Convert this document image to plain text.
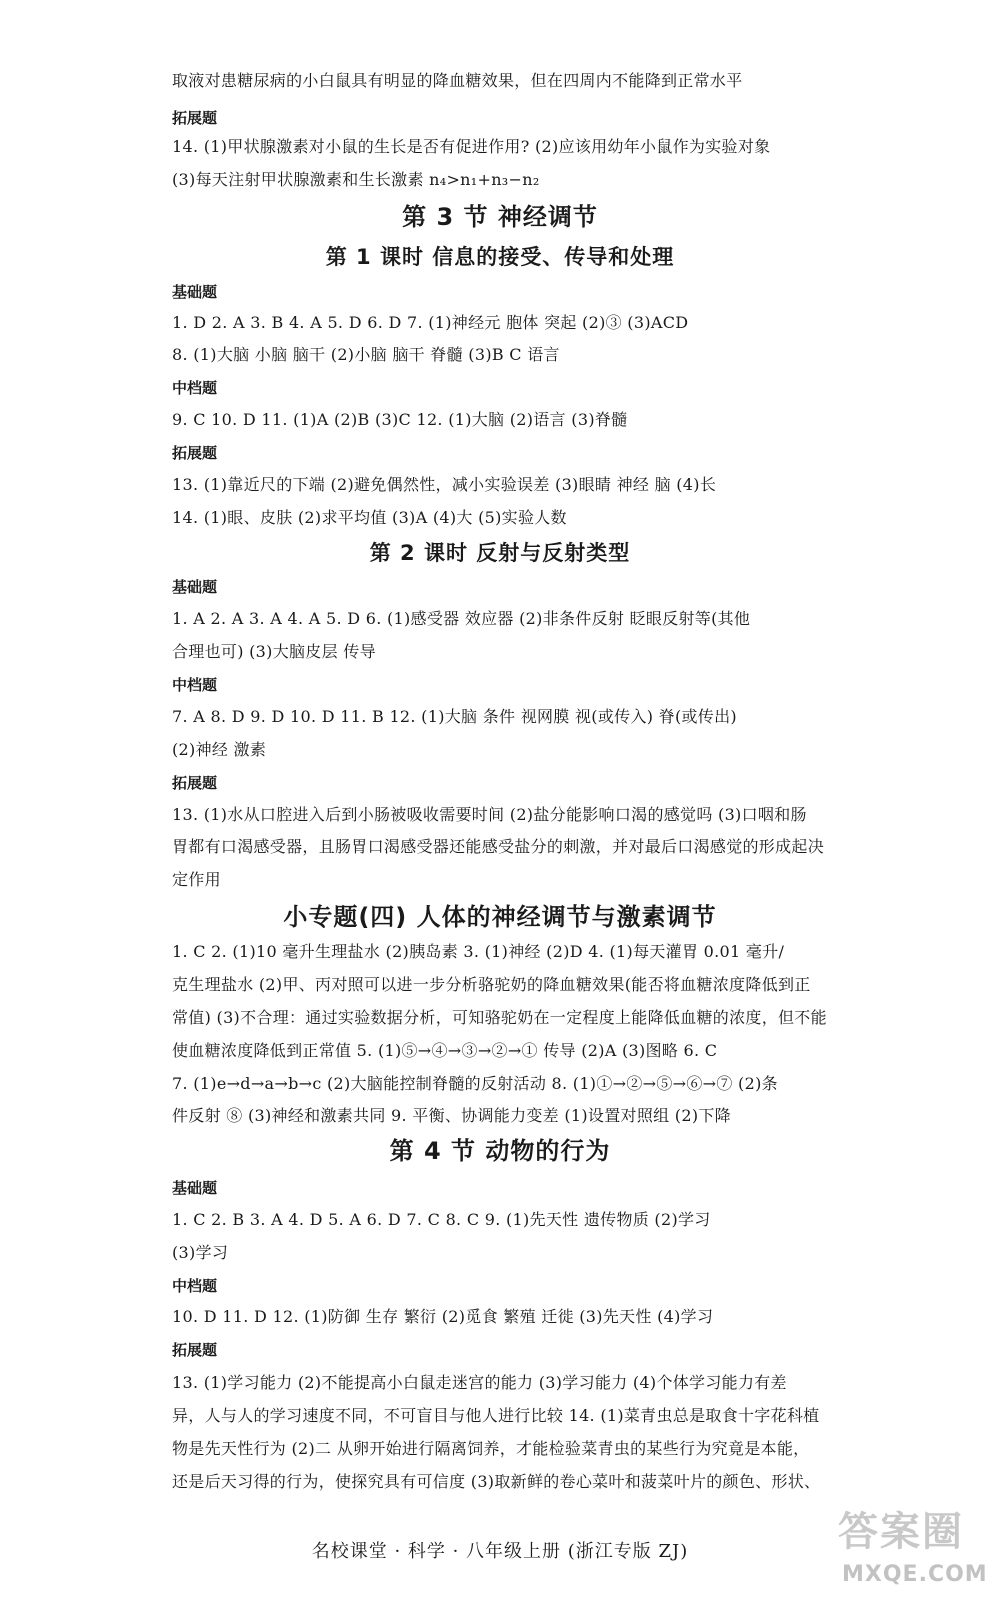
取液对患糖尿病的小白鼠具有明显的降血糖效果，但在四周内不能降到正常水平
拓展题
14. (1)甲状腺激素对小鼠的生长是否有促进作用? (2)应该用幼年小鼠作为实验对象
(3)每天注射甲状腺激素和生长激素 n₄>n₁+n₃−n₂
第 3 节 神经调节
第 1 课时 信息的接受、传导和处理
基础题
1. D 2. A 3. B 4. A 5. D 6. D 7. (1)神经元 胞体 突起 (2)③ (3)ACD
8. (1)大脑 小脑 脑干 (2)小脑 脑干 脊髓 (3)B C 语言
中档题
9. C 10. D 11. (1)A (2)B (3)C 12. (1)大脑 (2)语言 (3)脊髓
拓展题
13. (1)靠近尺的下端 (2)避免偶然性，减小实验误差 (3)眼睛 神经 脑 (4)长
14. (1)眼、皮肤 (2)求平均值 (3)A (4)大 (5)实验人数
第 2 课时 反射与反射类型
基础题
1. A 2. A 3. A 4. A 5. D 6. (1)感受器 效应器 (2)非条件反射 眨眼反射等(其他
合理也可) (3)大脑皮层 传导
中档题
7. A 8. D 9. D 10. D 11. B 12. (1)大脑 条件 视网膜 视(或传入) 脊(或传出)
(2)神经 激素
拓展题
13. (1)水从口腔进入后到小肠被吸收需要时间 (2)盐分能影响口渴的感觉吗 (3)口咽和肠
胃都有口渴感受器，且肠胃口渴感受器还能感受盐分的刺激，并对最后口渴感觉的形成起决
定作用
小专题(四) 人体的神经调节与激素调节
1. C 2. (1)10 毫升生理盐水 (2)胰岛素 3. (1)神经 (2)D 4. (1)每天灌胃 0.01 毫升/
克生理盐水 (2)甲、丙对照可以进一步分析骆驼奶的降血糖效果(能否将血糖浓度降低到正
常值) (3)不合理：通过实验数据分析，可知骆驼奶在一定程度上能降低血糖的浓度，但不能
使血糖浓度降低到正常值 5. (1)⑤→④→③→②→① 传导 (2)A (3)图略 6. C
7. (1)e→d→a→b→c (2)大脑能控制脊髓的反射活动 8. (1)①→②→⑤→⑥→⑦ (2)条
件反射 ⑧ (3)神经和激素共同 9. 平衡、协调能力变差 (1)设置对照组 (2)下降
第 4 节 动物的行为
基础题
1. C 2. B 3. A 4. D 5. A 6. D 7. C 8. C 9. (1)先天性 遗传物质 (2)学习
(3)学习
中档题
10. D 11. D 12. (1)防御 生存 繁衍 (2)觅食 繁殖 迁徙 (3)先天性 (4)学习
拓展题
13. (1)学习能力 (2)不能提高小白鼠走迷宫的能力 (3)学习能力 (4)个体学习能力有差
异，人与人的学习速度不同，不可盲目与他人进行比较 14. (1)菜青虫总是取食十字花科植
物是先天性行为 (2)二 从卵开始进行隔离饲养，才能检验菜青虫的某些行为究竟是本能，
还是后天习得的行为，使探究具有可信度 (3)取新鲜的卷心菜叶和菠菜叶片的颜色、形状、
名校课堂 · 科学 · 八年级上册 (浙江专版 ZJ)	答案圈
MXQE.COM
